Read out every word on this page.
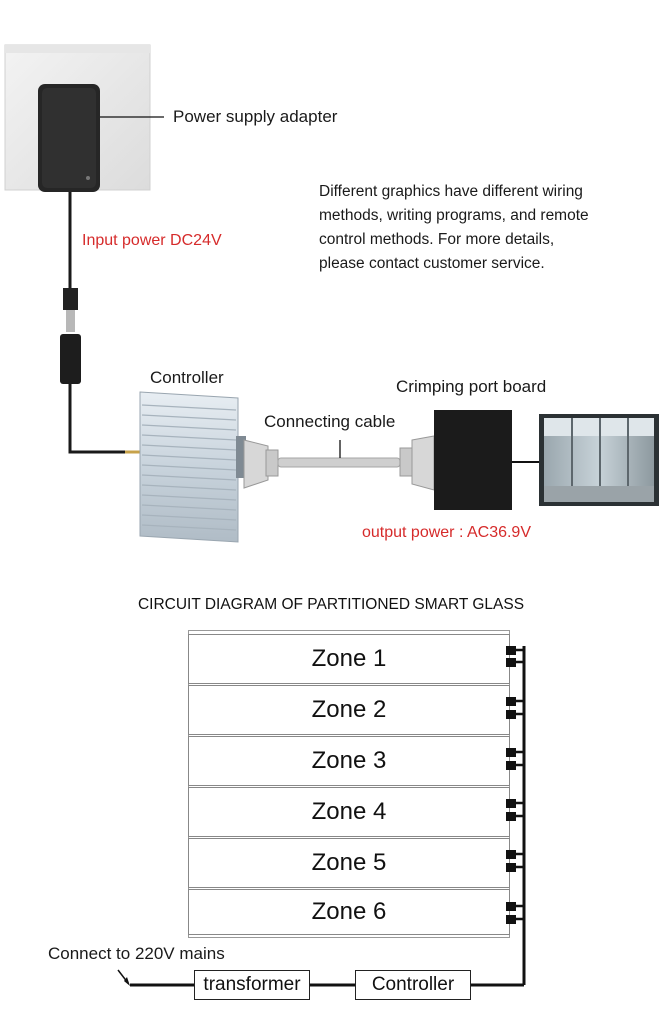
Power supply adapter
Input power DC24V
Controller
Connecting cable
Crimping port board
output power : AC36.9V
Different graphics have different wiring
methods, writing programs, and remote
control methods. For more details,
please contact customer service.
CIRCUIT DIAGRAM OF PARTITIONED SMART GLASS
Zone 1
Zone 2
Zone 3
Zone 4
Zone 5
Zone 6
Connect to 220V mains
transformer	Controller
